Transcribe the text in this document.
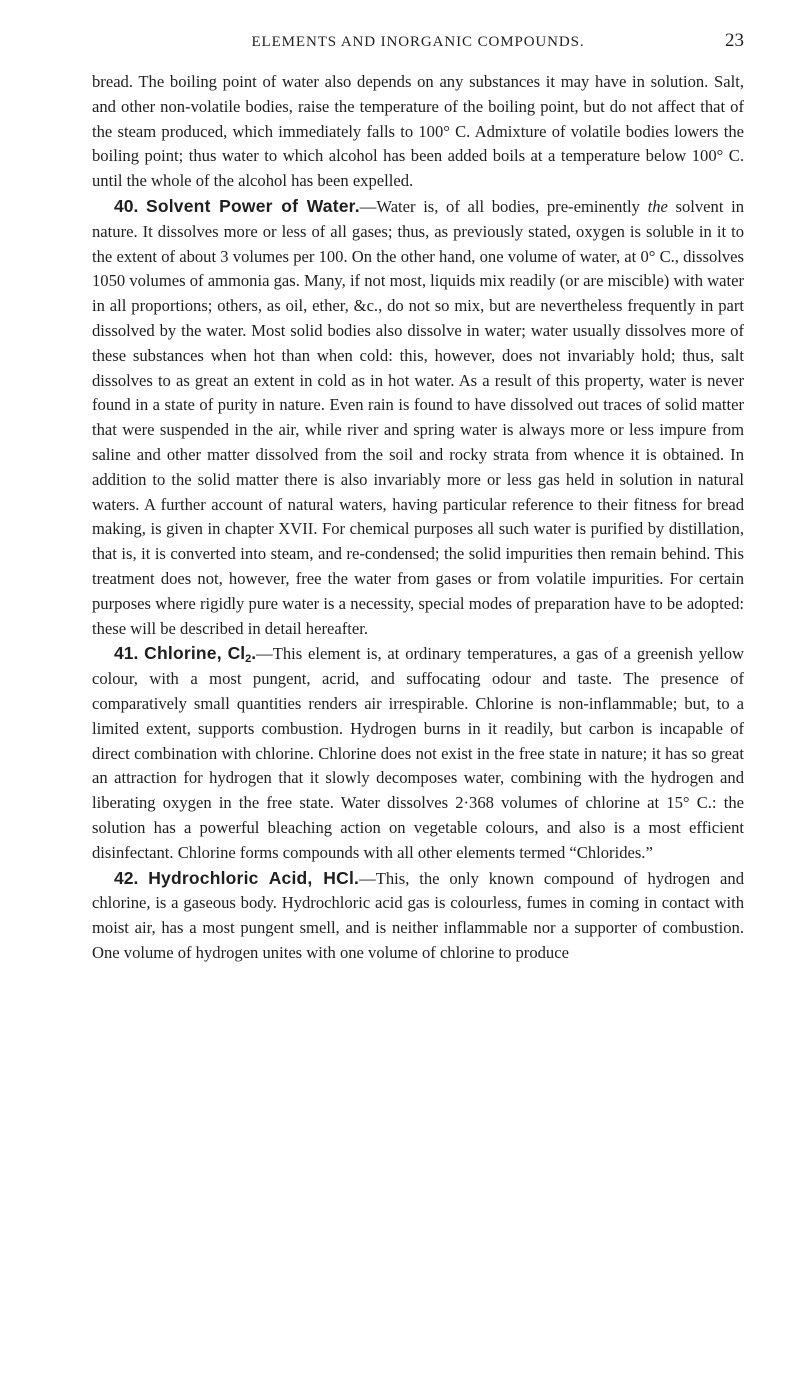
ELEMENTS AND INORGANIC COMPOUNDS.	23

bread. The boiling point of water also depends on any substances it may have in solution. Salt, and other non-volatile bodies, raise the temperature of the boiling point, but do not affect that of the steam produced, which immediately falls to 100° C. Admixture of volatile bodies lowers the boiling point; thus water to which alcohol has been added boils at a temperature below 100° C. until the whole of the alcohol has been expelled.

40. Solvent Power of Water.—Water is, of all bodies, pre-eminently the solvent in nature. It dissolves more or less of all gases; thus, as previously stated, oxygen is soluble in it to the extent of about 3 volumes per 100. On the other hand, one volume of water, at 0° C., dissolves 1050 volumes of ammonia gas. Many, if not most, liquids mix readily (or are miscible) with water in all proportions; others, as oil, ether, &c., do not so mix, but are nevertheless frequently in part dissolved by the water. Most solid bodies also dissolve in water; water usually dissolves more of these substances when hot than when cold: this, however, does not invariably hold; thus, salt dissolves to as great an extent in cold as in hot water. As a result of this property, water is never found in a state of purity in nature. Even rain is found to have dissolved out traces of solid matter that were suspended in the air, while river and spring water is always more or less impure from saline and other matter dissolved from the soil and rocky strata from whence it is obtained. In addition to the solid matter there is also invariably more or less gas held in solution in natural waters. A further account of natural waters, having particular reference to their fitness for bread making, is given in chapter XVII. For chemical purposes all such water is purified by distillation, that is, it is converted into steam, and re-condensed; the solid impurities then remain behind. This treatment does not, however, free the water from gases or from volatile impurities. For certain purposes where rigidly pure water is a necessity, special modes of preparation have to be adopted: these will be described in detail hereafter.

41. Chlorine, $Cl_2.—This$ element is, at ordinary temperatures, a gas of a greenish yellow colour, with a most pungent, acrid, and suffocating odour and taste. The presence of comparatively small quantities renders air irrespirable. Chlorine is non-inflammable; but, to a limited extent, supports combustion. Hydrogen burns in it readily, but carbon is incapable of direct combination with chlorine. Chlorine does not exist in the free state in nature; it has so great an attraction for hydrogen that it slowly decomposes water, combining with the hydrogen and liberating oxygen in the free state. Water dissolves 2·368 volumes of chlorine at 15° C.: the solution has a powerful bleaching action on vegetable colours, and also is a most efficient disinfectant. Chlorine forms compounds with all other elements termed “Chlorides.”

42. Hydrochloric Acid, HCl.—This, the only known compound of hydrogen and chlorine, is a gaseous body. Hydrochloric acid gas is colourless, fumes in coming in contact with moist air, has a most pungent smell, and is neither inflammable nor a supporter of combustion. One volume of hydrogen unites with one volume of chlorine to produce
